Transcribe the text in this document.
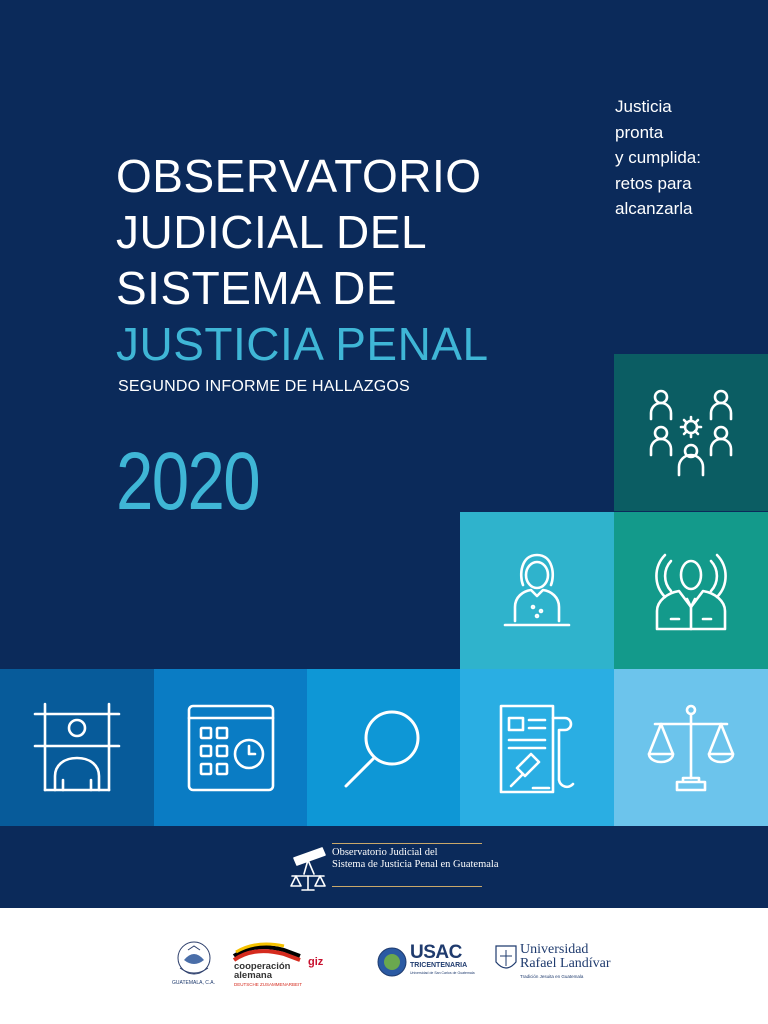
Justicia
pronta
y cumplida:
retos para
alcanzarla
OBSERVATORIO
JUDICIAL DEL
SISTEMA DE
JUSTICIA PENAL
SEGUNDO INFORME DE HALLAZGOS
2020
Observatorio Judicial del
Sistema de Justicia Penal en Guatemala
GUATEMALA, C.A.
cooperación alemana
DEUTSCHE ZUSAMMENARBEIT
giz	USAC
TRICENTENARIA
Universidad de San Carlos de Guatemala
Universidad
Rafael Landívar
Tradición Jesuita en Guatemala
